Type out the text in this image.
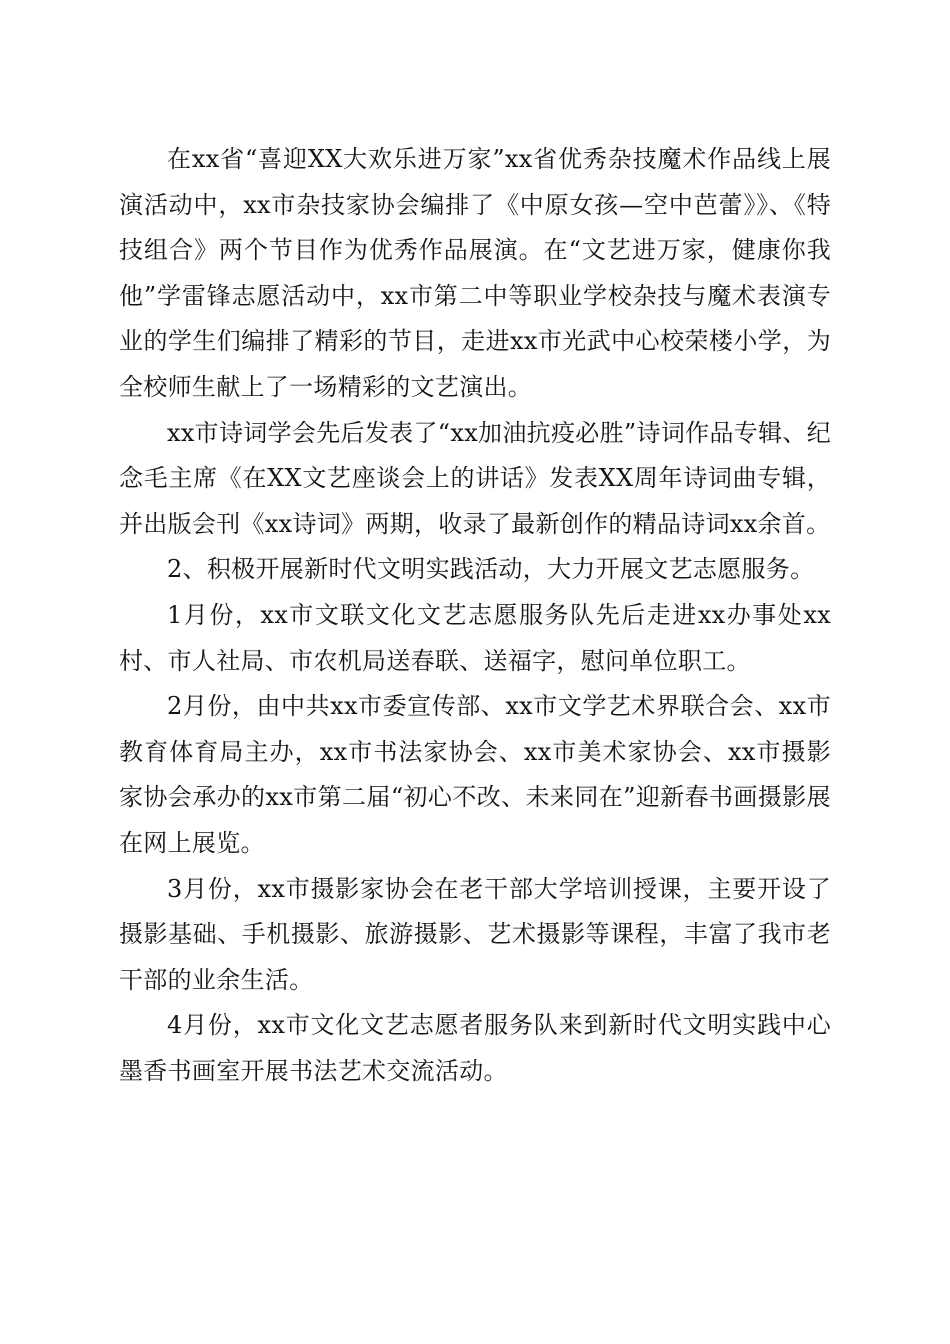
在xx省“喜迎XX大欢乐进万家”xx省优秀杂技魔术作品线上展演活动中，xx市杂技家协会编排了《中原女孩—空中芭蕾》》、《特技组合》两个节目作为优秀作品展演。在“文艺进万家，健康你我他”学雷锋志愿活动中，xx市第二中等职业学校杂技与魔术表演专业的学生们编排了精彩的节目，走进xx市光武中心校荣楼小学，为全校师生献上了一场精彩的文艺演出。

xx市诗词学会先后发表了“xx加油抗疫必胜”诗词作品专辑、纪念毛主席《在XX文艺座谈会上的讲话》发表XX周年诗词曲专辑，并出版会刊《xx诗词》两期，收录了最新创作的精品诗词xx余首。

2、积极开展新时代文明实践活动，大力开展文艺志愿服务。

1月份，xx市文联文化文艺志愿服务队先后走进xx办事处xx村、市人社局、市农机局送春联、送福字，慰问单位职工。

2月份，由中共xx市委宣传部、xx市文学艺术界联合会、xx市教育体育局主办，xx市书法家协会、xx市美术家协会、xx市摄影家协会承办的xx市第二届“初心不改、未来同在”迎新春书画摄影展在网上展览。

3月份，xx市摄影家协会在老干部大学培训授课，主要开设了摄影基础、手机摄影、旅游摄影、艺术摄影等课程，丰富了我市老干部的业余生活。

4月份，xx市文化文艺志愿者服务队来到新时代文明实践中心墨香书画室开展书法艺术交流活动。
